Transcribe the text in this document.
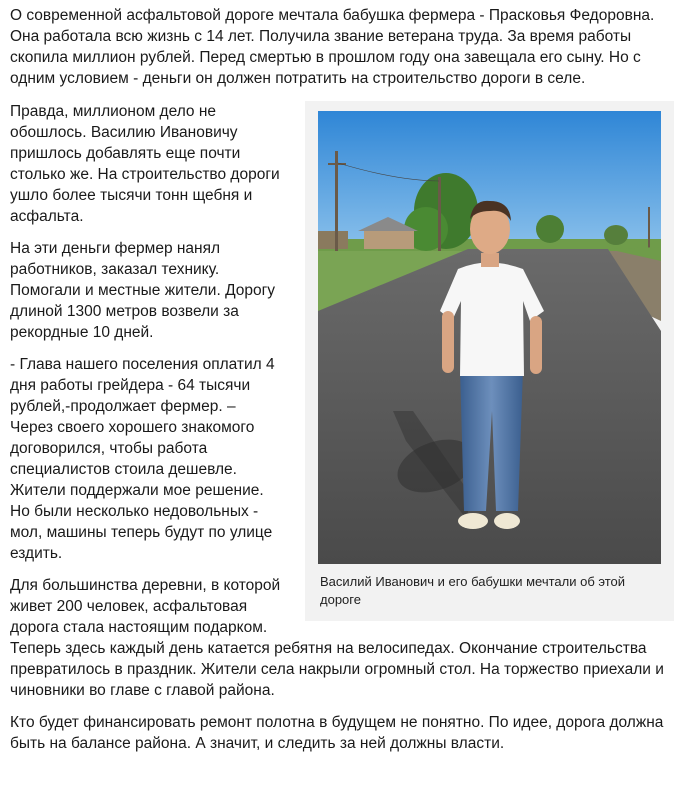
О современной асфальтовой дороге мечтала бабушка фермера - Прасковья Федоровна. Она работала всю жизнь с 14 лет. Получила звание ветерана труда. За время работы скопила миллион рублей. Перед смертью в прошлом году она завещала его сыну. Но с одним условием - деньги он должен потратить на строительство дороги в селе.

Василий Иванович и его бабушки мечтали об этой дороге

Правда, миллионом дело не обошлось. Василию Ивановичу пришлось добавлять еще почти столько же. На строительство дороги ушло более тысячи тонн щебня и асфальта.

На эти деньги фермер нанял работников, заказал технику. Помогали и местные жители. Дорогу длиной 1300 метров возвели за рекордные 10 дней.

- Глава нашего поселения оплатил 4 дня работы грейдера - 64 тысячи рублей,-продолжает фермер. – Через своего хорошего знакомого договорился, чтобы работа специалистов стоила дешевле. Жители поддержали мое решение. Но были несколько недовольных - мол, машины теперь будут по улице ездить.

Для большинства деревни, в которой живет 200 человек, асфальтовая дорога стала настоящим подарком. Теперь здесь каждый день катается ребятня на велосипедах. Окончание строительства превратилось в праздник. Жители села накрыли огромный стол. На торжество приехали и чиновники во главе с главой района.

Кто будет финансировать ремонт полотна в будущем не понятно. По идее, дорога должна быть на балансе района. А значит, и следить за ней должны власти.
